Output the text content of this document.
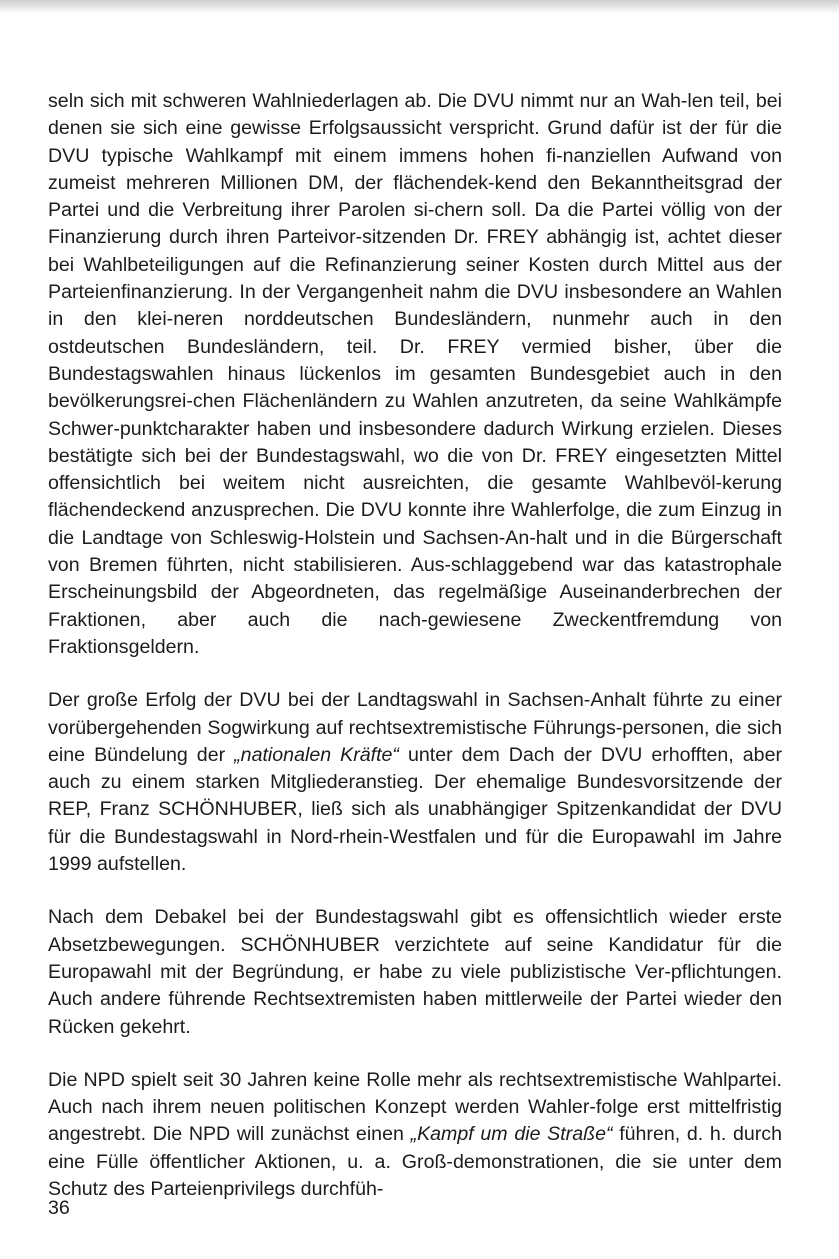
seln sich mit schweren Wahlniederlagen ab. Die DVU nimmt nur an Wah-len teil, bei denen sie sich eine gewisse Erfolgsaussicht verspricht. Grund dafür ist der für die DVU typische Wahlkampf mit einem immens hohen fi-nanziellen Aufwand von zumeist mehreren Millionen DM, der flächendek-kend den Bekanntheitsgrad der Partei und die Verbreitung ihrer Parolen si-chern soll. Da die Partei völlig von der Finanzierung durch ihren Parteivor-sitzenden Dr. FREY abhängig ist, achtet dieser bei Wahlbeteiligungen auf die Refinanzierung seiner Kosten durch Mittel aus der Parteienfinanzierung. In der Vergangenheit nahm die DVU insbesondere an Wahlen in den klei-neren norddeutschen Bundesländern, nunmehr auch in den ostdeutschen Bundesländern, teil. Dr. FREY vermied bisher, über die Bundestagswahlen hinaus lückenlos im gesamten Bundesgebiet auch in den bevölkerungsrei-chen Flächenländern zu Wahlen anzutreten, da seine Wahlkämpfe Schwer-punktcharakter haben und insbesondere dadurch Wirkung erzielen. Dieses bestätigte sich bei der Bundestagswahl, wo die von Dr. FREY eingesetzten Mittel offensichtlich bei weitem nicht ausreichten, die gesamte Wahlbevöl-kerung flächendeckend anzusprechen. Die DVU konnte ihre Wahlerfolge, die zum Einzug in die Landtage von Schleswig-Holstein und Sachsen-An-halt und in die Bürgerschaft von Bremen führten, nicht stabilisieren. Aus-schlaggebend war das katastrophale Erscheinungsbild der Abgeordneten, das regelmäßige Auseinanderbrechen der Fraktionen, aber auch die nach-gewiesene Zweckentfremdung von Fraktionsgeldern.

Der große Erfolg der DVU bei der Landtagswahl in Sachsen-Anhalt führte zu einer vorübergehenden Sogwirkung auf rechtsextremistische Führungs-personen, die sich eine Bündelung der „nationalen Kräfte“ unter dem Dach der DVU erhofften, aber auch zu einem starken Mitgliederanstieg. Der ehemalige Bundesvorsitzende der REP, Franz SCHÖNHUBER, ließ sich als unabhängiger Spitzenkandidat der DVU für die Bundestagswahl in Nord-rhein-Westfalen und für die Europawahl im Jahre 1999 aufstellen.

Nach dem Debakel bei der Bundestagswahl gibt es offensichtlich wieder erste Absetzbewegungen. SCHÖNHUBER verzichtete auf seine Kandidatur für die Europawahl mit der Begründung, er habe zu viele publizistische Ver-pflichtungen. Auch andere führende Rechtsextremisten haben mittlerweile der Partei wieder den Rücken gekehrt.

Die NPD spielt seit 30 Jahren keine Rolle mehr als rechtsextremistische Wahlpartei. Auch nach ihrem neuen politischen Konzept werden Wahler-folge erst mittelfristig angestrebt. Die NPD will zunächst einen „Kampf um die Straße“ führen, d. h. durch eine Fülle öffentlicher Aktionen, u. a. Groß-demonstrationen, die sie unter dem Schutz des Parteienprivilegs durchfüh-

36
